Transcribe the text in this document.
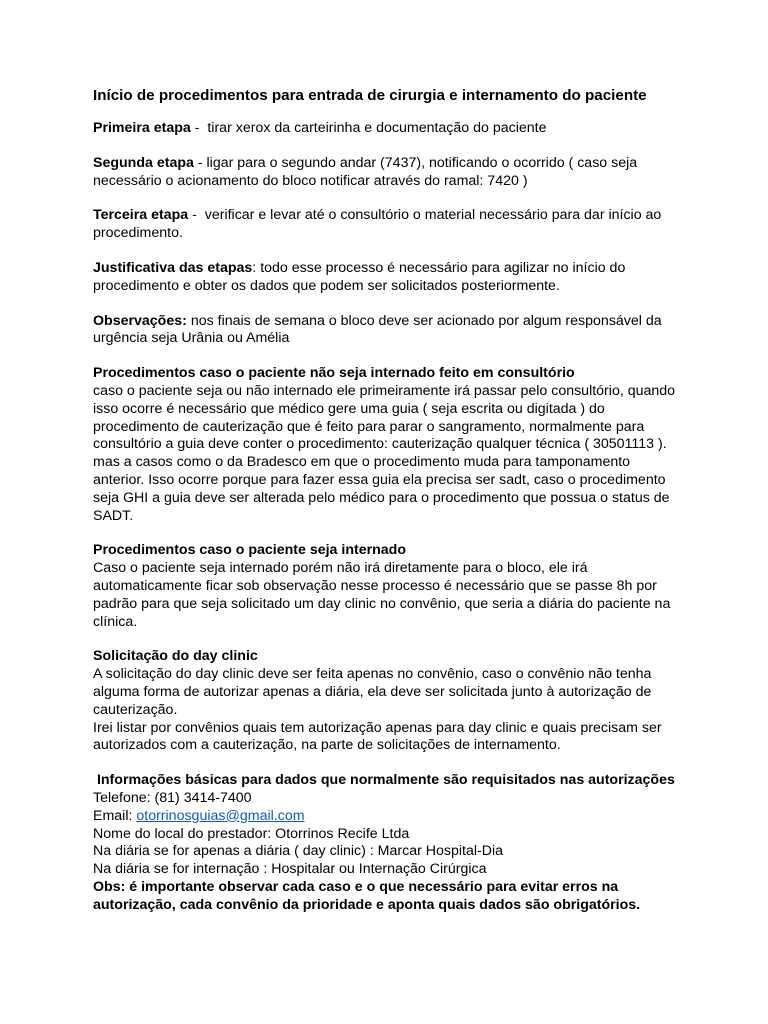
Início de procedimentos para entrada de cirurgia e internamento do paciente
Primeira etapa -  tirar xerox da carteirinha e documentação do paciente
Segunda etapa - ligar para o segundo andar (7437), notificando o ocorrido ( caso seja
necessário o acionamento do bloco notificar através do ramal: 7420 )
Terceira etapa -  verificar e levar até o consultório o material necessário para dar início ao
procedimento.
Justificativa das etapas: todo esse processo é necessário para agilizar no início do
procedimento e obter os dados que podem ser solicitados posteriormente.
Observações: nos finais de semana o bloco deve ser acionado por algum responsável da
urgência seja Urânia ou Amélia
Procedimentos caso o paciente não seja internado feito em consultório
caso o paciente seja ou não internado ele primeiramente irá passar pelo consultório, quando
isso ocorre é necessário que médico gere uma guia ( seja escrita ou digitada ) do
procedimento de cauterização que é feito para parar o sangramento, normalmente para
consultório a guia deve conter o procedimento: cauterização qualquer técnica ( 30501113 ).
mas a casos como o da Bradesco em que o procedimento muda para tamponamento
anterior. Isso ocorre porque para fazer essa guia ela precisa ser sadt, caso o procedimento
seja GHI a guia deve ser alterada pelo médico para o procedimento que possua o status de
SADT.
Procedimentos caso o paciente seja internado
Caso o paciente seja internado porém não irá diretamente para o bloco, ele irá
automaticamente ficar sob observação nesse processo é necessário que se passe 8h por
padrão para que seja solicitado um day clinic no convênio, que seria a diária do paciente na
clínica.
Solicitação do day clinic
A solicitação do day clinic deve ser feita apenas no convênio, caso o convênio não tenha
alguma forma de autorizar apenas a diária, ela deve ser solicitada junto à autorização de
cauterização.
Irei listar por convênios quais tem autorização apenas para day clinic e quais precisam ser
autorizados com a cauterização, na parte de solicitações de internamento.
Informações básicas para dados que normalmente são requisitados nas autorizações
Telefone: (81) 3414-7400
Email: otorrinosguias@gmail.com
Nome do local do prestador: Otorrinos Recife Ltda
Na diária se for apenas a diária ( day clinic) : Marcar Hospital-Dia
Na diária se for internação : Hospitalar ou Internação Cirúrgica
Obs: é importante observar cada caso e o que necessário para evitar erros na
autorização, cada convênio da prioridade e aponta quais dados são obrigatórios.
